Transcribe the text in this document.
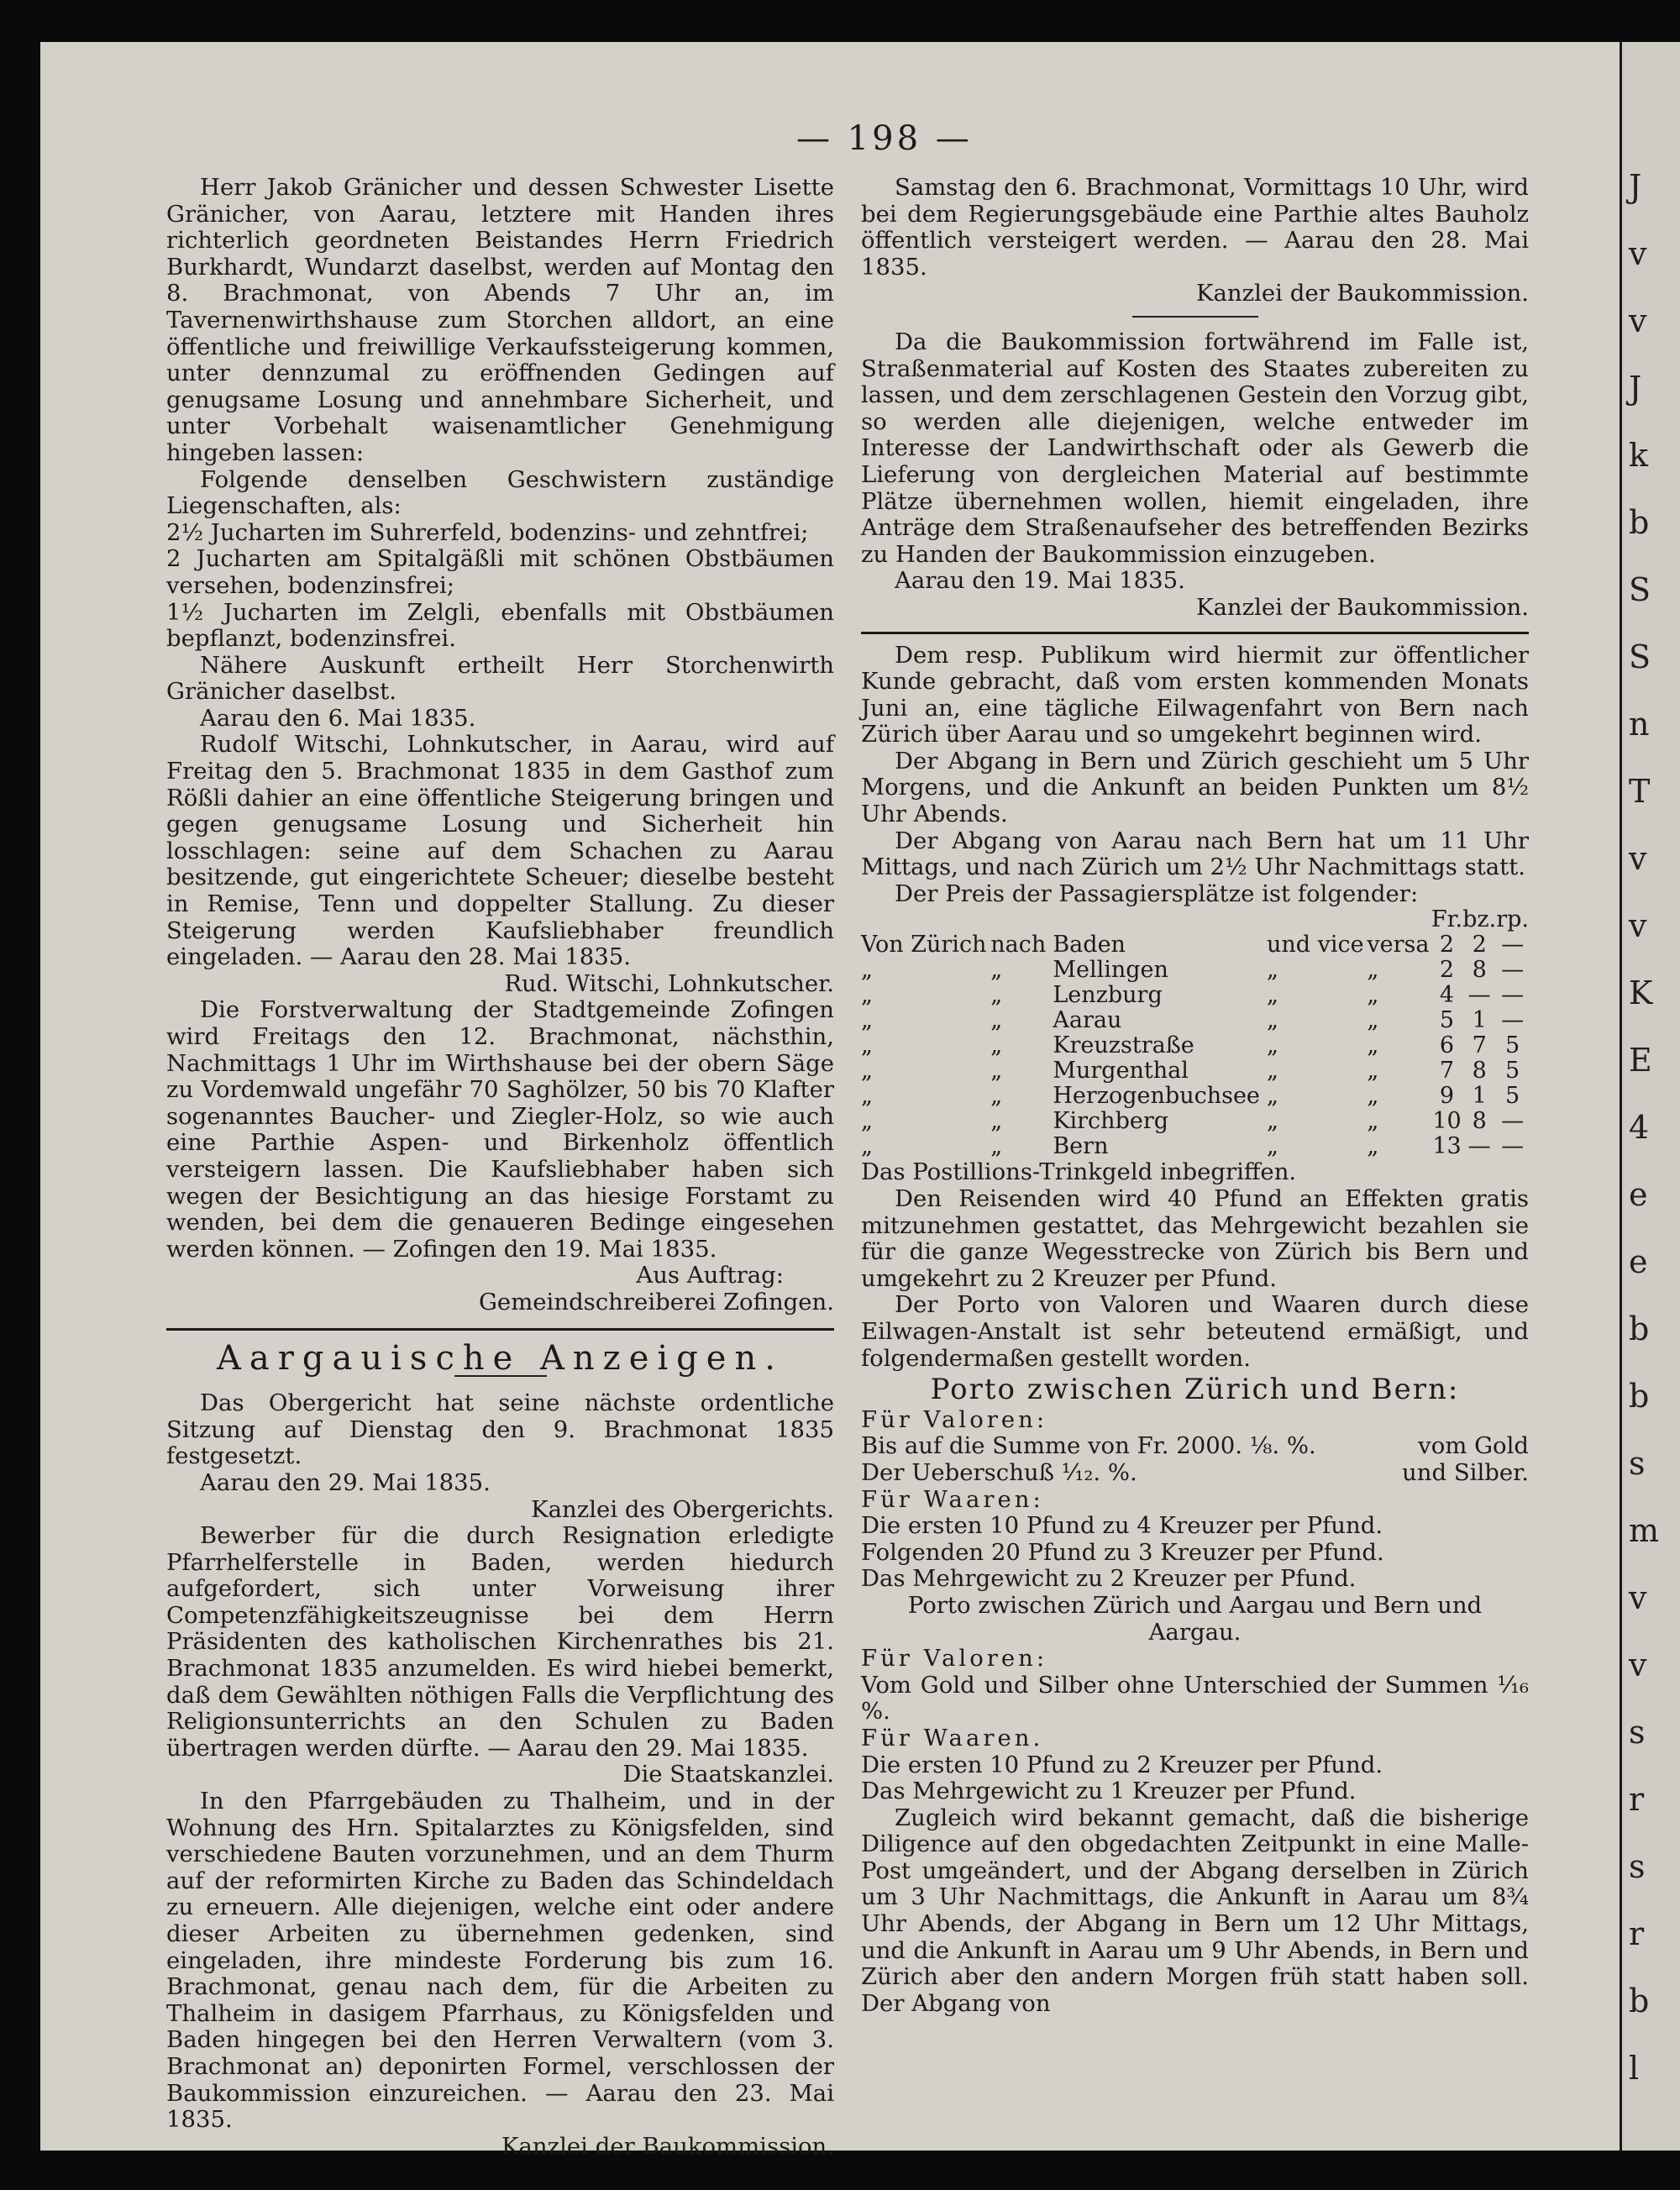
— 198 —

Herr Jakob Gränicher und dessen Schwester Lisette Gränicher, von Aarau, letztere mit Handen ihres richterlich geordneten Beistandes Herrn Friedrich Burkhardt, Wundarzt daselbst, werden auf Montag den 8. Brachmonat, von Abends 7 Uhr an, im Tavernenwirthshause zum Storchen alldort, an eine öffentliche und freiwillige Verkaufssteigerung kommen, unter dennzumal zu eröffnenden Gedingen auf genugsame Losung und annehmbare Sicherheit, und unter Vorbehalt waisenamtlicher Genehmigung hingeben lassen:

Folgende denselben Geschwistern zuständige Liegenschaften, als:

2½ Jucharten im Suhrerfeld, bodenzins- und zehntfrei;

2 Jucharten am Spitalgäßli mit schönen Obstbäumen versehen, bodenzinsfrei;

1½ Jucharten im Zelgli, ebenfalls mit Obstbäumen bepflanzt, bodenzinsfrei.

Nähere Auskunft ertheilt Herr Storchenwirth Gränicher daselbst.

Aarau den 6. Mai 1835.

Rudolf Witschi, Lohnkutscher, in Aarau, wird auf Freitag den 5. Brachmonat 1835 in dem Gasthof zum Rößli dahier an eine öffentliche Steigerung bringen und gegen genugsame Losung und Sicherheit hin losschlagen: seine auf dem Schachen zu Aarau besitzende, gut eingerichtete Scheuer; dieselbe besteht in Remise, Tenn und doppelter Stallung. Zu dieser Steigerung werden Kaufsliebhaber freundlich eingeladen. — Aarau den 28. Mai 1835.

Rud. Witschi, Lohnkutscher.

Die Forstverwaltung der Stadtgemeinde Zofingen wird Freitags den 12. Brachmonat, nächsthin, Nachmittags 1 Uhr im Wirthshause bei der obern Säge zu Vordemwald ungefähr 70 Saghölzer, 50 bis 70 Klafter sogenanntes Baucher- und Ziegler-Holz, so wie auch eine Parthie Aspen- und Birkenholz öffentlich versteigern lassen. Die Kaufsliebhaber haben sich wegen der Besichtigung an das hiesige Forstamt zu wenden, bei dem die genaueren Bedinge eingesehen werden können. — Zofingen den 19. Mai 1835.

Aus Auftrag:

Gemeindschreiberei Zofingen.

Aargauische Anzeigen.

Das Obergericht hat seine nächste ordentliche Sitzung auf Dienstag den 9. Brachmonat 1835 festgesetzt.

Aarau den 29. Mai 1835.

Kanzlei des Obergerichts.

Bewerber für die durch Resignation erledigte Pfarrhelferstelle in Baden, werden hiedurch aufgefordert, sich unter Vorweisung ihrer Competenzfähigkeitszeugnisse bei dem Herrn Präsidenten des katholischen Kirchenrathes bis 21. Brachmonat 1835 anzumelden. Es wird hiebei bemerkt, daß dem Gewählten nöthigen Falls die Verpflichtung des Religionsunterrichts an den Schulen zu Baden übertragen werden dürfte. — Aarau den 29. Mai 1835.

Die Staatskanzlei.

In den Pfarrgebäuden zu Thalheim, und in der Wohnung des Hrn. Spitalarztes zu Königsfelden, sind verschiedene Bauten vorzunehmen, und an dem Thurm auf der reformirten Kirche zu Baden das Schindeldach zu erneuern. Alle diejenigen, welche eint oder andere dieser Arbeiten zu übernehmen gedenken, sind eingeladen, ihre mindeste Forderung bis zum 16. Brachmonat, genau nach dem, für die Arbeiten zu Thalheim in dasigem Pfarrhaus, zu Königsfelden und Baden hingegen bei den Herren Verwaltern (vom 3. Brachmonat an) deponirten Formel, verschlossen der Baukommission einzureichen. — Aarau den 23. Mai 1835.

Kanzlei der Baukommission.

Samstag den 6. Brachmonat, Vormittags 10 Uhr, wird bei dem Regierungsgebäude eine Parthie altes Bauholz öffentlich versteigert werden. — Aarau den 28. Mai 1835.

Kanzlei der Baukommission.

Da die Baukommission fortwährend im Falle ist, Straßenmaterial auf Kosten des Staates zubereiten zu lassen, und dem zerschlagenen Gestein den Vorzug gibt, so werden alle diejenigen, welche entweder im Interesse der Landwirthschaft oder als Gewerb die Lieferung von dergleichen Material auf bestimmte Plätze übernehmen wollen, hiemit eingeladen, ihre Anträge dem Straßenaufseher des betreffenden Bezirks zu Handen der Baukommission einzugeben.

Aarau den 19. Mai 1835.

Kanzlei der Baukommission.

Dem resp. Publikum wird hiermit zur öffentlicher Kunde gebracht, daß vom ersten kommenden Monats Juni an, eine tägliche Eilwagenfahrt von Bern nach Zürich über Aarau und so umgekehrt beginnen wird.

Der Abgang in Bern und Zürich geschieht um 5 Uhr Morgens, und die Ankunft an beiden Punkten um 8½ Uhr Abends.

Der Abgang von Aarau nach Bern hat um 11 Uhr Mittags, und nach Zürich um 2½ Uhr Nachmittags statt.

Der Preis der Passagiersplätze ist folgender:

					Fr.	bz.	rp.
Von Zürich	nach	Baden	und vice	versa	2	2	—
„	„	Mellingen	„	„	2	8	—
„	„	Lenzburg	„	„	4	—	—
„	„	Aarau	„	„	5	1	—
„	„	Kreuzstraße	„	„	6	7	5
„	„	Murgenthal	„	„	7	8	5
„	„	Herzogenbuchsee	„	„	9	1	5
„	„	Kirchberg	„	„	10	8	—
„	„	Bern	„	„	13	—	—

Das Postillions-Trinkgeld inbegriffen.

Den Reisenden wird 40 Pfund an Effekten gratis mitzunehmen gestattet, das Mehrgewicht bezahlen sie für die ganze Wegesstrecke von Zürich bis Bern und umgekehrt zu 2 Kreuzer per Pfund.

Der Porto von Valoren und Waaren durch diese Eilwagen-Anstalt ist sehr beteutend ermäßigt, und folgendermaßen gestellt worden.

Porto zwischen Zürich und Bern:

Für Valoren:

Bis auf die Summe von Fr. 2000. ⅛. %.	vom Gold
Der Ueberschuß ¹⁄₁₂. %.	und Silber.

Für Waaren:

Die ersten 10 Pfund zu 4 Kreuzer per Pfund.

Folgenden 20 Pfund zu 3 Kreuzer per Pfund.

Das Mehrgewicht zu 2 Kreuzer per Pfund.

Porto zwischen Zürich und Aargau und Bern und Aargau.

Für Valoren:

Vom Gold und Silber ohne Unterschied der Summen ¹⁄₁₆ %.

Für Waaren.

Die ersten 10 Pfund zu 2 Kreuzer per Pfund.

Das Mehrgewicht zu 1 Kreuzer per Pfund.

Zugleich wird bekannt gemacht, daß die bisherige Diligence auf den obgedachten Zeitpunkt in eine Malle-Post umgeändert, und der Abgang derselben in Zürich um 3 Uhr Nachmittags, die Ankunft in Aarau um 8¾ Uhr Abends, der Abgang in Bern um 12 Uhr Mittags, und die Ankunft in Aarau um 9 Uhr Abends, in Bern und Zürich aber den andern Morgen früh statt haben soll. Der Abgang von

J
v
v
J
k
b
S
S
n
T
v
v
K
E
4
e
e
b
b
s
m
v
v
s
r
s
r
b
l
